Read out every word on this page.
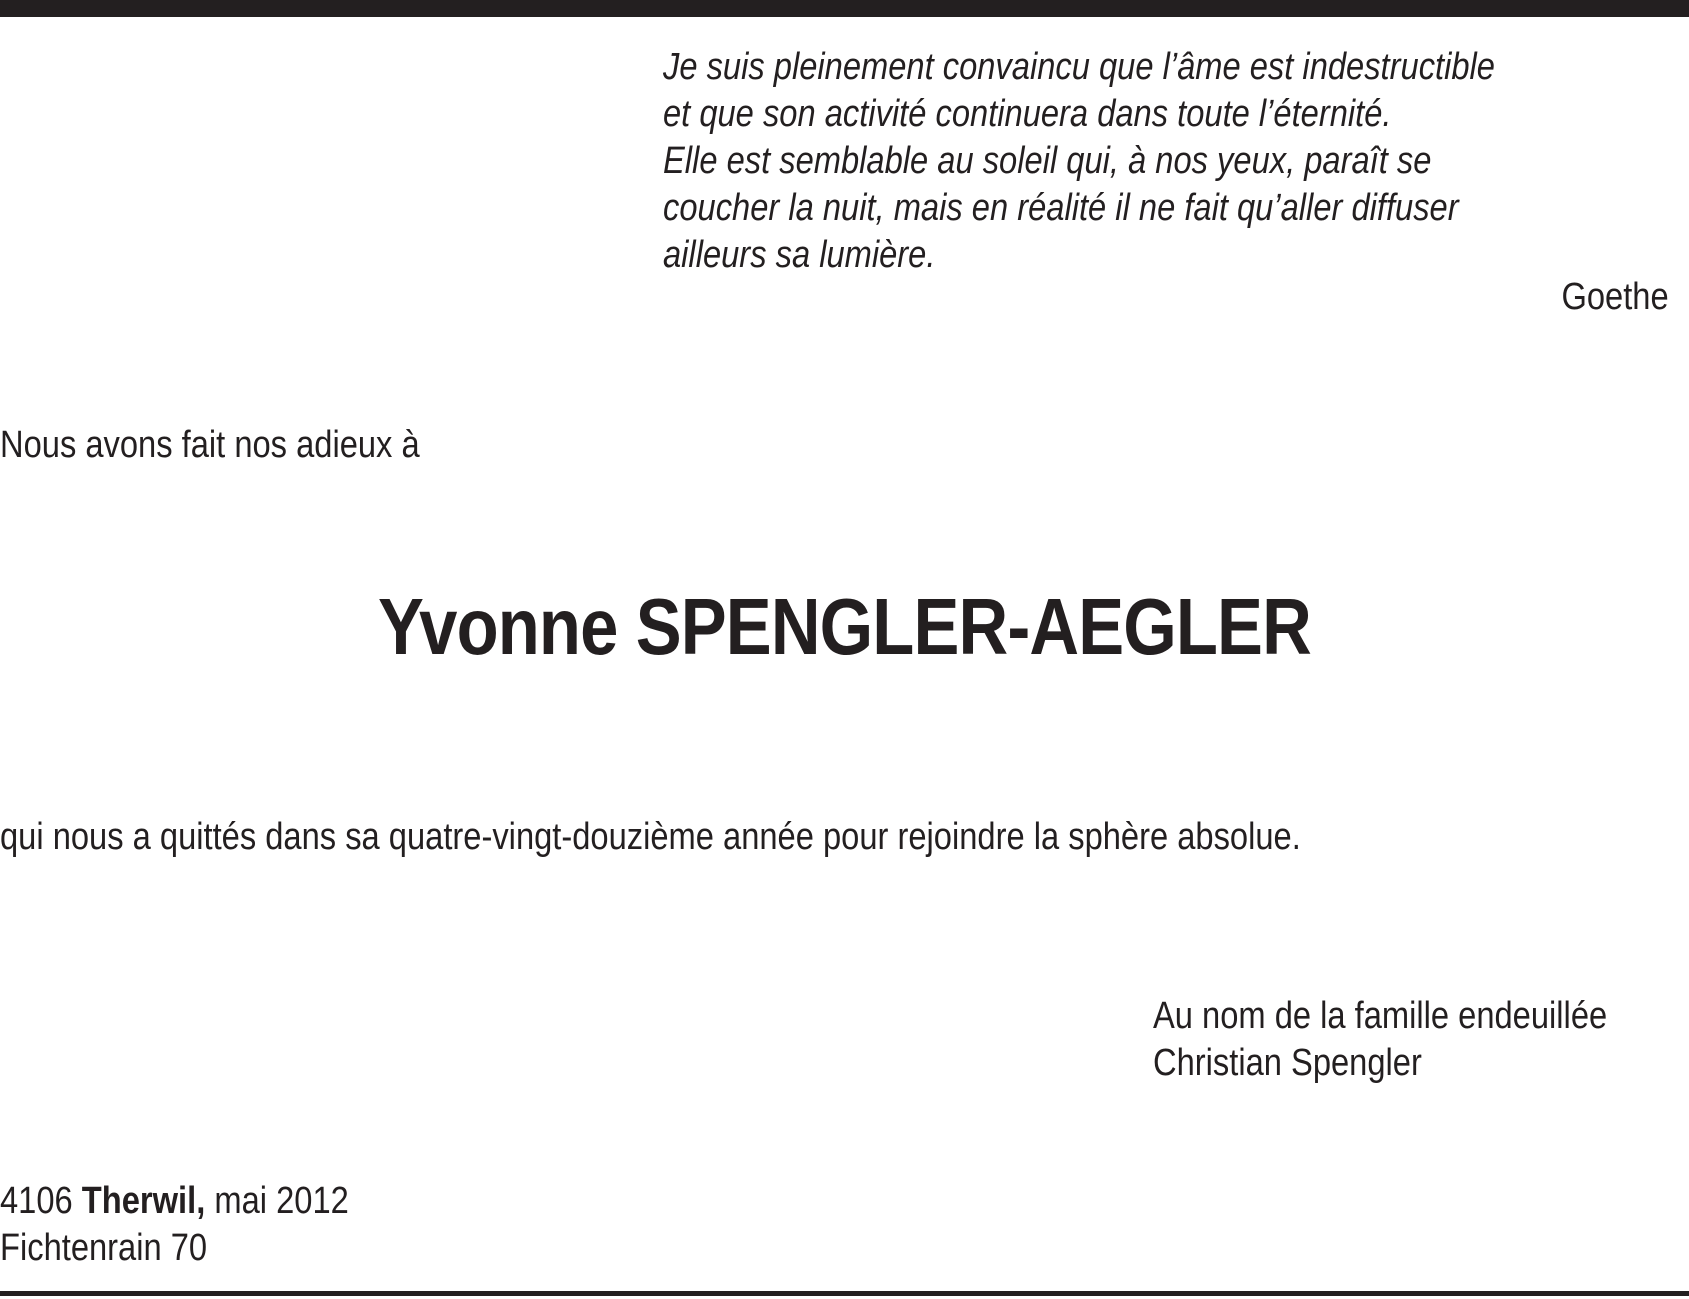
Je suis pleinement convaincu que l’âme est indestructible
et que son activité continuera dans toute l’éternité.
Elle est semblable au soleil qui, à nos yeux, paraît se
coucher la nuit, mais en réalité il ne fait qu’aller diffuser
ailleurs sa lumière.
Goethe
Nous avons fait nos adieux à
Yvonne SPENGLER-AEGLER
qui nous a quittés dans sa quatre-vingt-douzième année pour rejoindre la sphère absolue.
Au nom de la famille endeuillée
Christian Spengler
4106 Therwil, mai 2012
Fichtenrain 70
